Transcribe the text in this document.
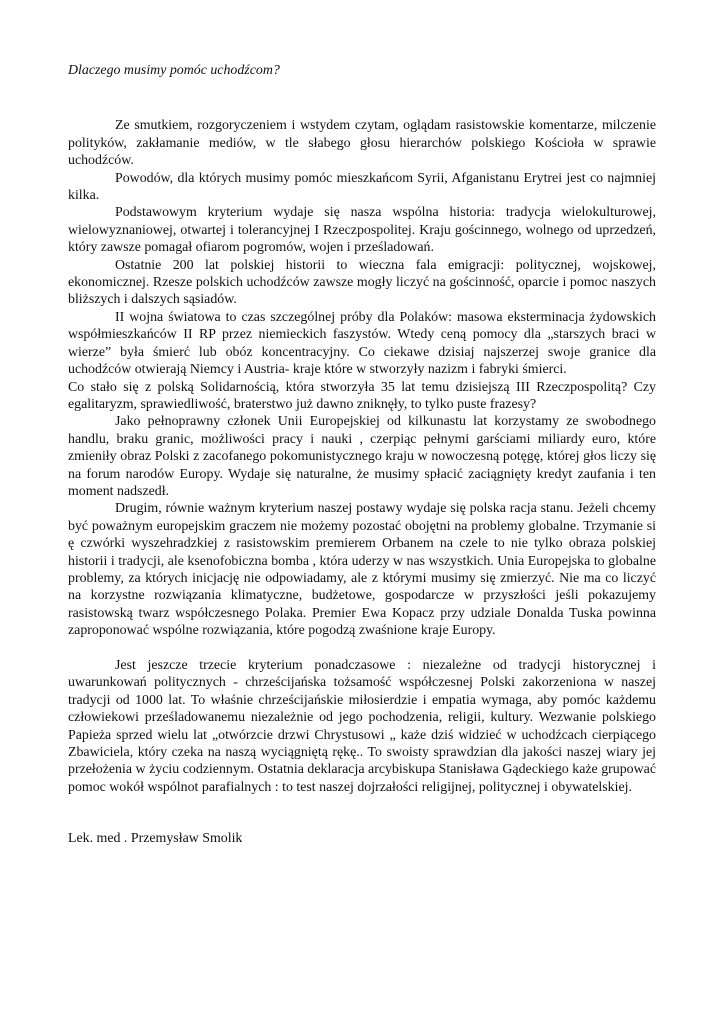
Dlaczego musimy pomóc uchodźcom?

Ze smutkiem, rozgoryczeniem i wstydem czytam, oglądam rasistowskie komentarze, milczenie polityków, zakłamanie mediów, w tle słabego głosu hierarchów polskiego Kościoła w sprawie uchodźców.

Powodów, dla których musimy pomóc mieszkańcom Syrii, Afganistanu Erytrei jest co najmniej kilka.

Podstawowym kryterium wydaje się nasza wspólna historia: tradycja wielokulturowej, wielowyznaniowej, otwartej i tolerancyjnej I Rzeczpospolitej. Kraju gościnnego, wolnego od uprzedzeń, który zawsze pomagał ofiarom pogromów, wojen i prześladowań.

Ostatnie 200 lat polskiej historii to wieczna fala emigracji: politycznej, wojskowej, ekonomicznej. Rzesze polskich uchodźców zawsze mogły liczyć na gościnność, oparcie i pomoc naszych bliższych i dalszych sąsiadów.

II wojna światowa to czas szczególnej próby dla Polaków: masowa eksterminacja żydowskich współmieszkańców II RP przez niemieckich faszystów. Wtedy ceną pomocy dla „starszych braci w wierze” była śmierć lub obóz koncentracyjny. Co ciekawe dzisiaj najszerzej swoje granice dla uchodźców otwierają Niemcy i Austria- kraje które w stworzyły nazizm i fabryki śmierci.

Co stało się z polską Solidarnością, która stworzyła 35 lat temu dzisiejszą III Rzeczpospolitą? Czy egalitaryzm, sprawiedliwość, braterstwo już dawno zniknęły, to tylko puste frazesy?

Jako pełnoprawny członek Unii Europejskiej od kilkunastu lat korzystamy ze swobodnego handlu, braku granic, możliwości pracy i nauki , czerpiąc pełnymi garściami miliardy euro, które zmieniły obraz Polski z zacofanego pokomunistycznego kraju w nowoczesną potęgę, której głos liczy się na forum narodów Europy. Wydaje się naturalne, że musimy spłacić zaciągnięty kredyt zaufania i ten moment nadszedł.

Drugim, równie ważnym kryterium naszej postawy wydaje się polska racja stanu. Jeżeli chcemy być poważnym europejskim graczem nie możemy pozostać obojętni na problemy globalne. Trzymanie si ę czwórki wyszehradzkiej z rasistowskim premierem Orbanem na czele to nie tylko obraza polskiej historii i tradycji, ale ksenofobiczna bomba , która uderzy w nas wszystkich. Unia Europejska to globalne problemy, za których inicjację nie odpowiadamy, ale z którymi musimy się zmierzyć. Nie ma co liczyć na korzystne rozwiązania klimatyczne, budżetowe, gospodarcze w przyszłości jeśli pokazujemy rasistowską twarz współczesnego Polaka. Premier Ewa Kopacz przy udziale Donalda Tuska powinna zaproponować wspólne rozwiązania, które pogodzą zwaśnione kraje Europy.

Jest jeszcze trzecie kryterium ponadczasowe : niezależne od tradycji historycznej i uwarunkowań politycznych - chrześcijańska tożsamość współczesnej Polski zakorzeniona w naszej tradycji od 1000 lat. To właśnie chrześcijańskie miłosierdzie i empatia wymaga, aby pomóc każdemu człowiekowi prześladowanemu niezależnie od jego pochodzenia, religii, kultury. Wezwanie polskiego Papieża sprzed wielu lat „otwórzcie drzwi Chrystusowi „ każe dziś widzieć w uchodźcach cierpiącego Zbawiciela, który czeka na naszą wyciągniętą rękę.. To swoisty sprawdzian dla jakości naszej wiary jej przełożenia w życiu codziennym. Ostatnia deklaracja arcybiskupa Stanisława Gądeckiego każe grupować pomoc wokół wspólnot parafialnych : to test naszej dojrzałości religijnej, politycznej i obywatelskiej.

Lek. med . Przemysław Smolik
